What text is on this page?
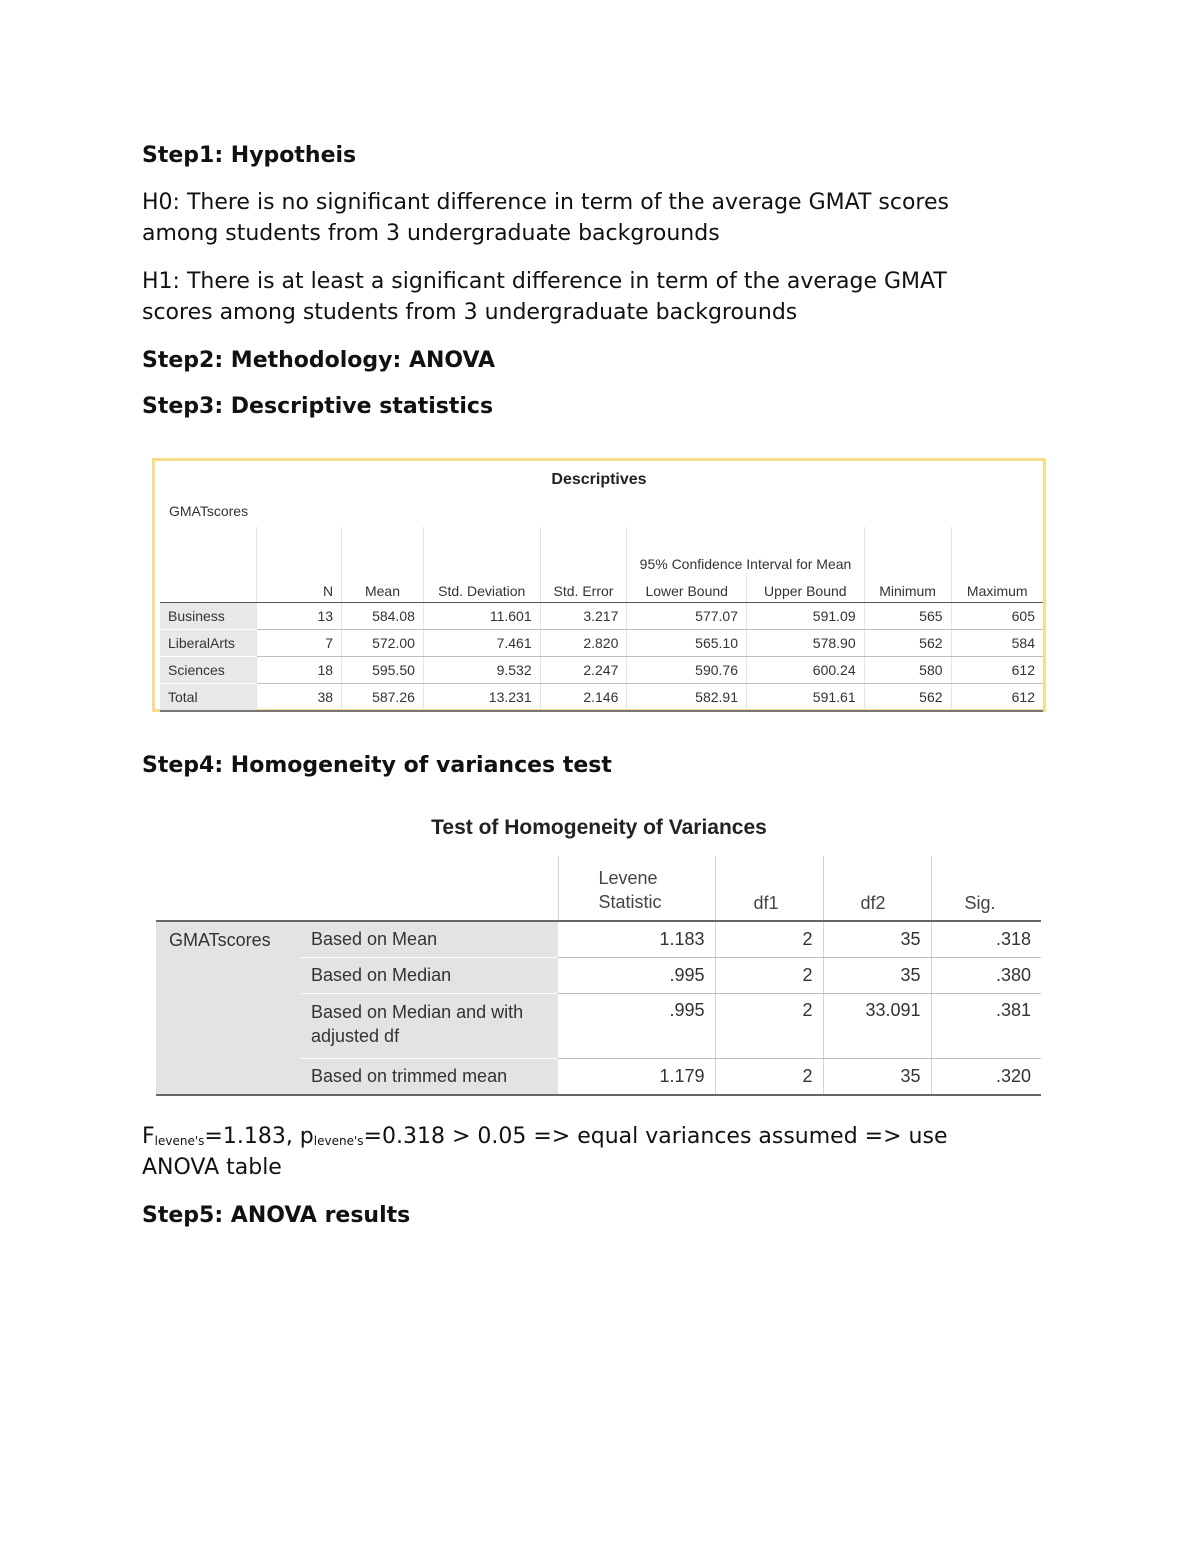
Step1: Hypotheis

H0: There is no significant difference in term of the average GMAT scores

among students from 3 undergraduate backgrounds

H1: There is at least a significant difference in term of the average GMAT

scores among students from 3 undergraduate backgrounds

Step2: Methodology: ANOVA

Step3: Descriptive statistics

Descriptives
GMATscores
					95% Confidence Interval for Mean			
	N	Mean	Std. Deviation	Std. Error	Lower Bound	Upper Bound	Minimum	Maximum
Business	13	584.08	11.601	3.217	577.07	591.09	565	605
LiberalArts	7	572.00	7.461	2.820	565.10	578.90	562	584
Sciences	18	595.50	9.532	2.247	590.76	600.24	580	612
Total	38	587.26	13.231	2.146	582.91	591.61	562	612

Step4: Homogeneity of variances test

Test of Homogeneity of Variances
		Levene Statistic	df1	df2	Sig.
GMATscores	Based on Mean	1.183	2	35	.318
	Based on Median	.995	2	35	.380
	Based on Median and with adjusted df	.995	2	33.091	.381
	Based on trimmed mean	1.179	2	35	.320

$F_{levene's}=1.183$, $p_{levene's}=0.318 > 0.05$ => equal variances assumed => use

ANOVA table

Step5: ANOVA results
